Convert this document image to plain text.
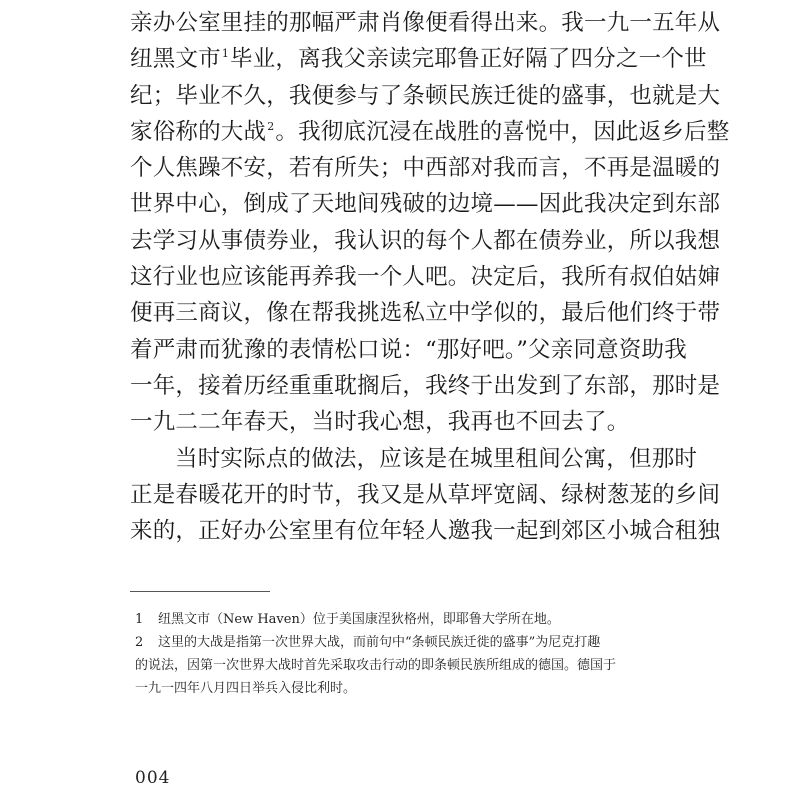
亲办公室里挂的那幅严肃肖像便看得出来。我一九一五年从
纽黑文市$^1$毕业，离我父亲读完耶鲁正好隔了四分之一个世
纪；毕业不久，我便参与了条顿民族迁徙的盛事，也就是大
家俗称的大战$^2$。我彻底沉浸在战胜的喜悦中，因此返乡后整
个人焦躁不安，若有所失；中西部对我而言，不再是温暖的
世界中心，倒成了天地间残破的边境——因此我决定到东部
去学习从事债券业，我认识的每个人都在债券业，所以我想
这行业也应该能再养我一个人吧。决定后，我所有叔伯姑婶
便再三商议，像在帮我挑选私立中学似的，最后他们终于带
着严肃而犹豫的表情松口说：“那好吧。”父亲同意资助我
一年，接着历经重重耽搁后，我终于出发到了东部，那时是
一九二二年春天，当时我心想，我再也不回去了。
当时实际点的做法，应该是在城里租间公寓，但那时
正是春暖花开的时节，我又是从草坪宽阔、绿树葱茏的乡间
来的，正好办公室里有位年轻人邀我一起到郊区小城合租独
1 纽黑文市（New Haven）位于美国康涅狄格州，即耶鲁大学所在地。
2 这里的大战是指第一次世界大战，而前句中“条顿民族迁徙的盛事”为尼克打趣
的说法，因第一次世界大战时首先采取攻击行动的即条顿民族所组成的德国。德国于
一九一四年八月四日举兵入侵比利时。
004
